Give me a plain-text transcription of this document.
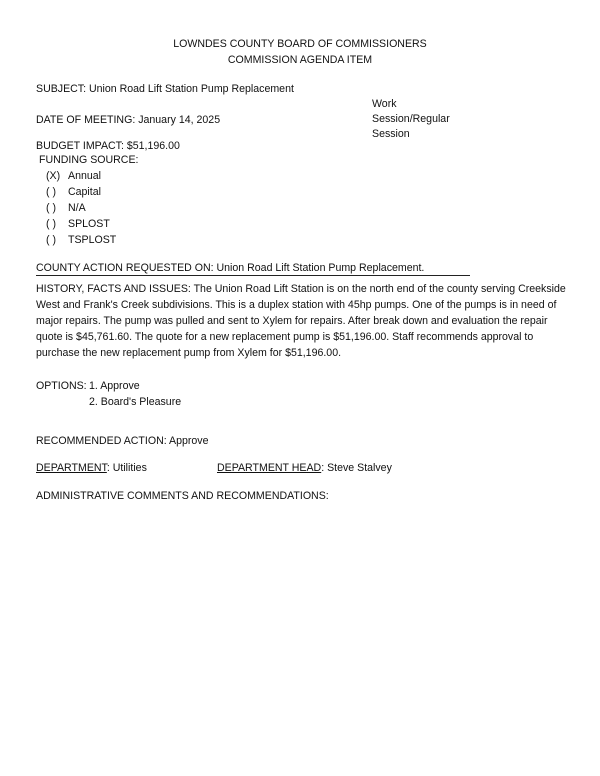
LOWNDES COUNTY BOARD OF COMMISSIONERS
COMMISSION AGENDA ITEM
SUBJECT: Union Road Lift Station Pump Replacement
Work
Session/Regular
Session
DATE OF MEETING: January 14, 2025
BUDGET IMPACT: $51,196.00
FUNDING SOURCE:
(X) Annual
( ) Capital
( ) N/A
( ) SPLOST
( ) TSPLOST
COUNTY ACTION REQUESTED ON: Union Road Lift Station Pump Replacement.
HISTORY, FACTS AND ISSUES: The Union Road Lift Station is on the north end of the county serving Creekside West and Frank's Creek subdivisions. This is a duplex station with 45hp pumps. One of the pumps is in need of major repairs. The pump was pulled and sent to Xylem for repairs. After break down and evaluation the repair quote is $45,761.60. The quote for a new replacement pump is $51,196.00. Staff recommends approval to purchase the new replacement pump from Xylem for $51,196.00.
OPTIONS: 1. Approve
2. Board's Pleasure
RECOMMENDED ACTION: Approve
DEPARTMENT: Utilities	DEPARTMENT HEAD: Steve Stalvey
ADMINISTRATIVE COMMENTS AND RECOMMENDATIONS:
